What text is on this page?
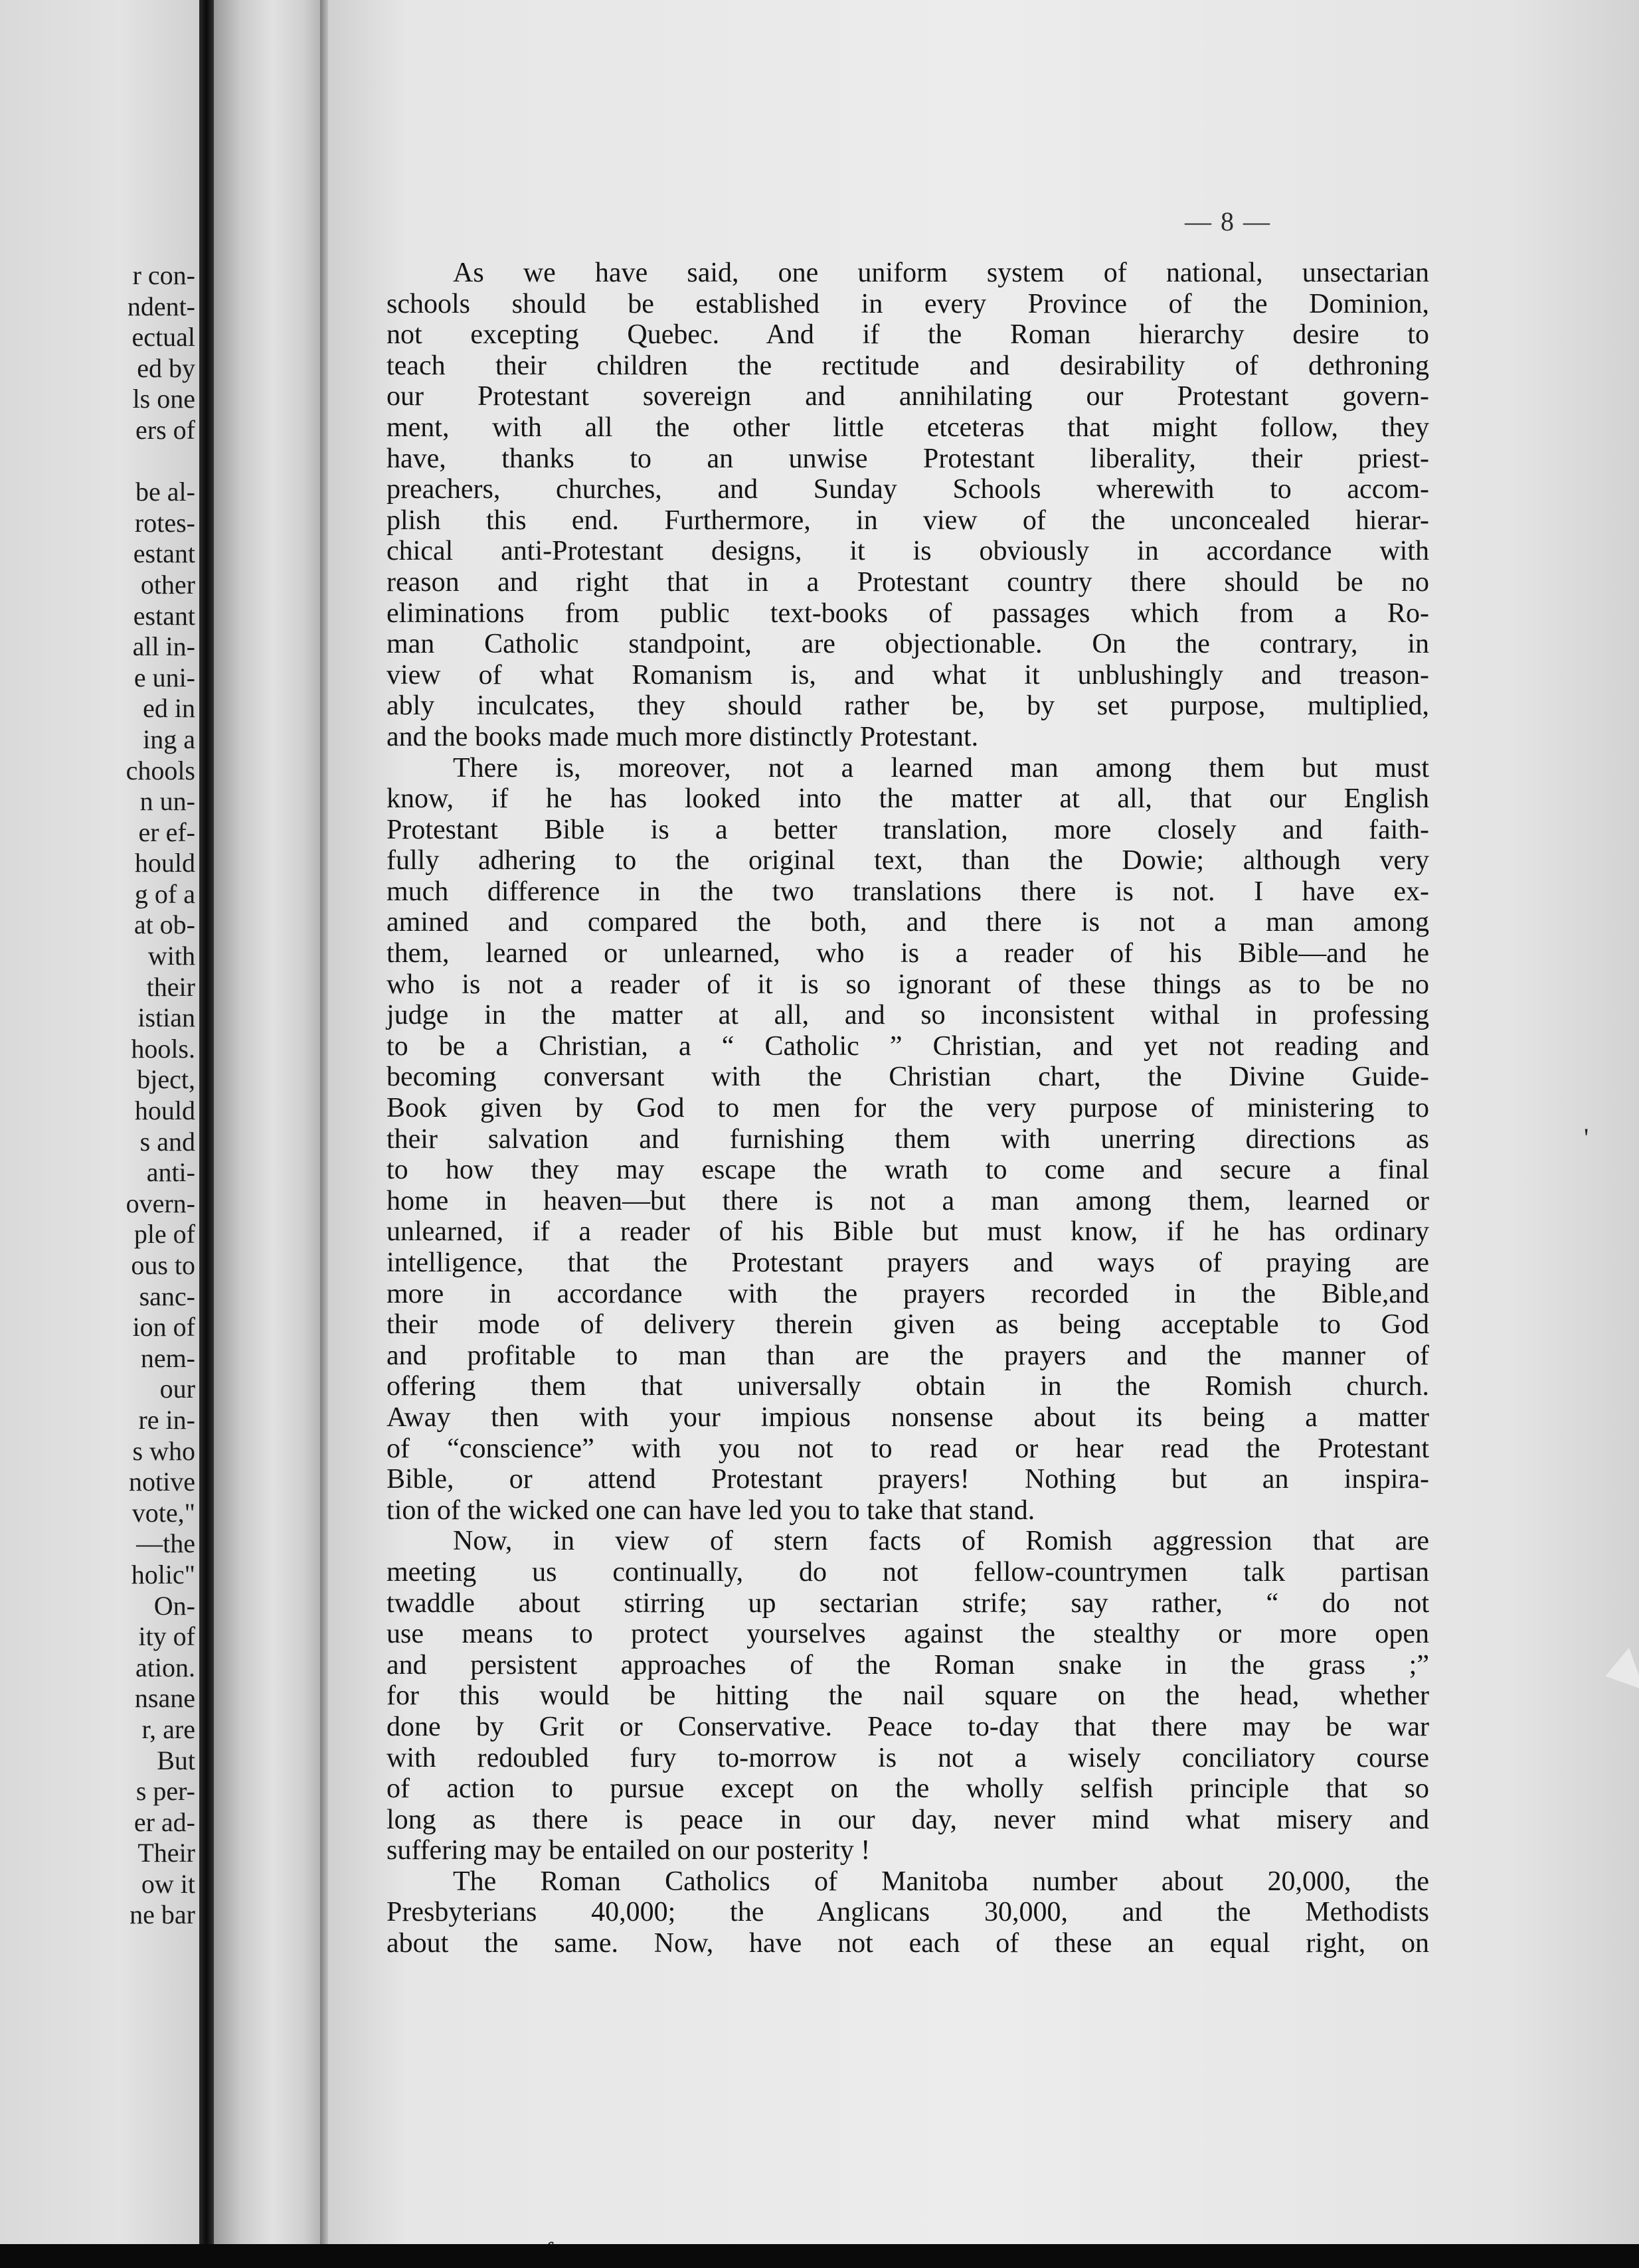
r con-
ndent-
ectual
ed by
ls one
ers of
be al-
rotes-
estant
other
estant
all in-
e uni-
ed in
ing a
chools
n un-
er ef-
hould
g of a
at ob-
with
their
istian
hools.
bject,
hould
s and
anti-
overn-
ple of
ous to
sanc-
ion of
nem-
our
re in-
s who
notive
vote,"
—the
holic"
On-
ity of
ation.
nsane
r, are
But
s per-
er ad-
Their
ow it
ne bar
— 8 —
As we have said, one uniform system of national, unsectarian
schools should be established in every Province of the Dominion,
not excepting Quebec. And if the Roman hierarchy desire to
teach their children the rectitude and desirability of dethroning
our Protestant sovereign and annihilating our Protestant govern-
ment, with all the other little etceteras that might follow, they
have, thanks to an unwise Protestant liberality, their priest-
preachers, churches, and Sunday Schools wherewith to accom-
plish this end. Furthermore, in view of the unconcealed hierar-
chical anti-Protestant designs, it is obviously in accordance with
reason and right that in a Protestant country there should be no
eliminations from public text-books of passages which from a Ro-
man Catholic standpoint, are objectionable. On the contrary, in
view of what Romanism is, and what it unblushingly and treason-
ably inculcates, they should rather be, by set purpose, multiplied,
and the books made much more distinctly Protestant.
There is, moreover, not a learned man among them but must
know, if he has looked into the matter at all, that our English
Protestant Bible is a better translation, more closely and faith-
fully adhering to the original text, than the Dowie; although very
much difference in the two translations there is not. I have ex-
amined and compared the both, and there is not a man among
them, learned or unlearned, who is a reader of his Bible—and he
who is not a reader of it is so ignorant of these things as to be no
judge in the matter at all, and so inconsistent withal in professing
to be a Christian, a “ Catholic ” Christian, and yet not reading and
becoming conversant with the Christian chart, the Divine Guide-
Book given by God to men for the very purpose of ministering to
their salvation and furnishing them with unerring directions as
to how they may escape the wrath to come and secure a final
home in heaven—but there is not a man among them, learned or
unlearned, if a reader of his Bible but must know, if he has ordinary
intelligence, that the Protestant prayers and ways of praying are
more in accordance with the prayers recorded in the Bible,and
their mode of delivery therein given as being acceptable to God
and profitable to man than are the prayers and the manner of
offering them that universally obtain in the Romish church.
Away then with your impious nonsense about its being a matter
of “conscience” with you not to read or hear read the Protestant
Bible, or attend Protestant prayers! Nothing but an inspira-
tion of the wicked one can have led you to take that stand.
Now, in view of stern facts of Romish aggression that are
meeting us continually, do not fellow-countrymen talk partisan
twaddle about stirring up sectarian strife; say rather, “ do not
use means to protect yourselves against the stealthy or more open
and persistent approaches of the Roman snake in the grass ;”
for this would be hitting the nail square on the head, whether
done by Grit or Conservative. Peace to-day that there may be war
with redoubled fury to-morrow is not a wisely conciliatory course
of action to pursue except on the wholly selfish principle that so
long as there is peace in our day, never mind what misery and
suffering may be entailed on our posterity !
The Roman Catholics of Manitoba number about 20,000, the
Presbyterians 40,000; the Anglicans 30,000, and the Methodists
about the same. Now, have not each of these an equal right, on
'
